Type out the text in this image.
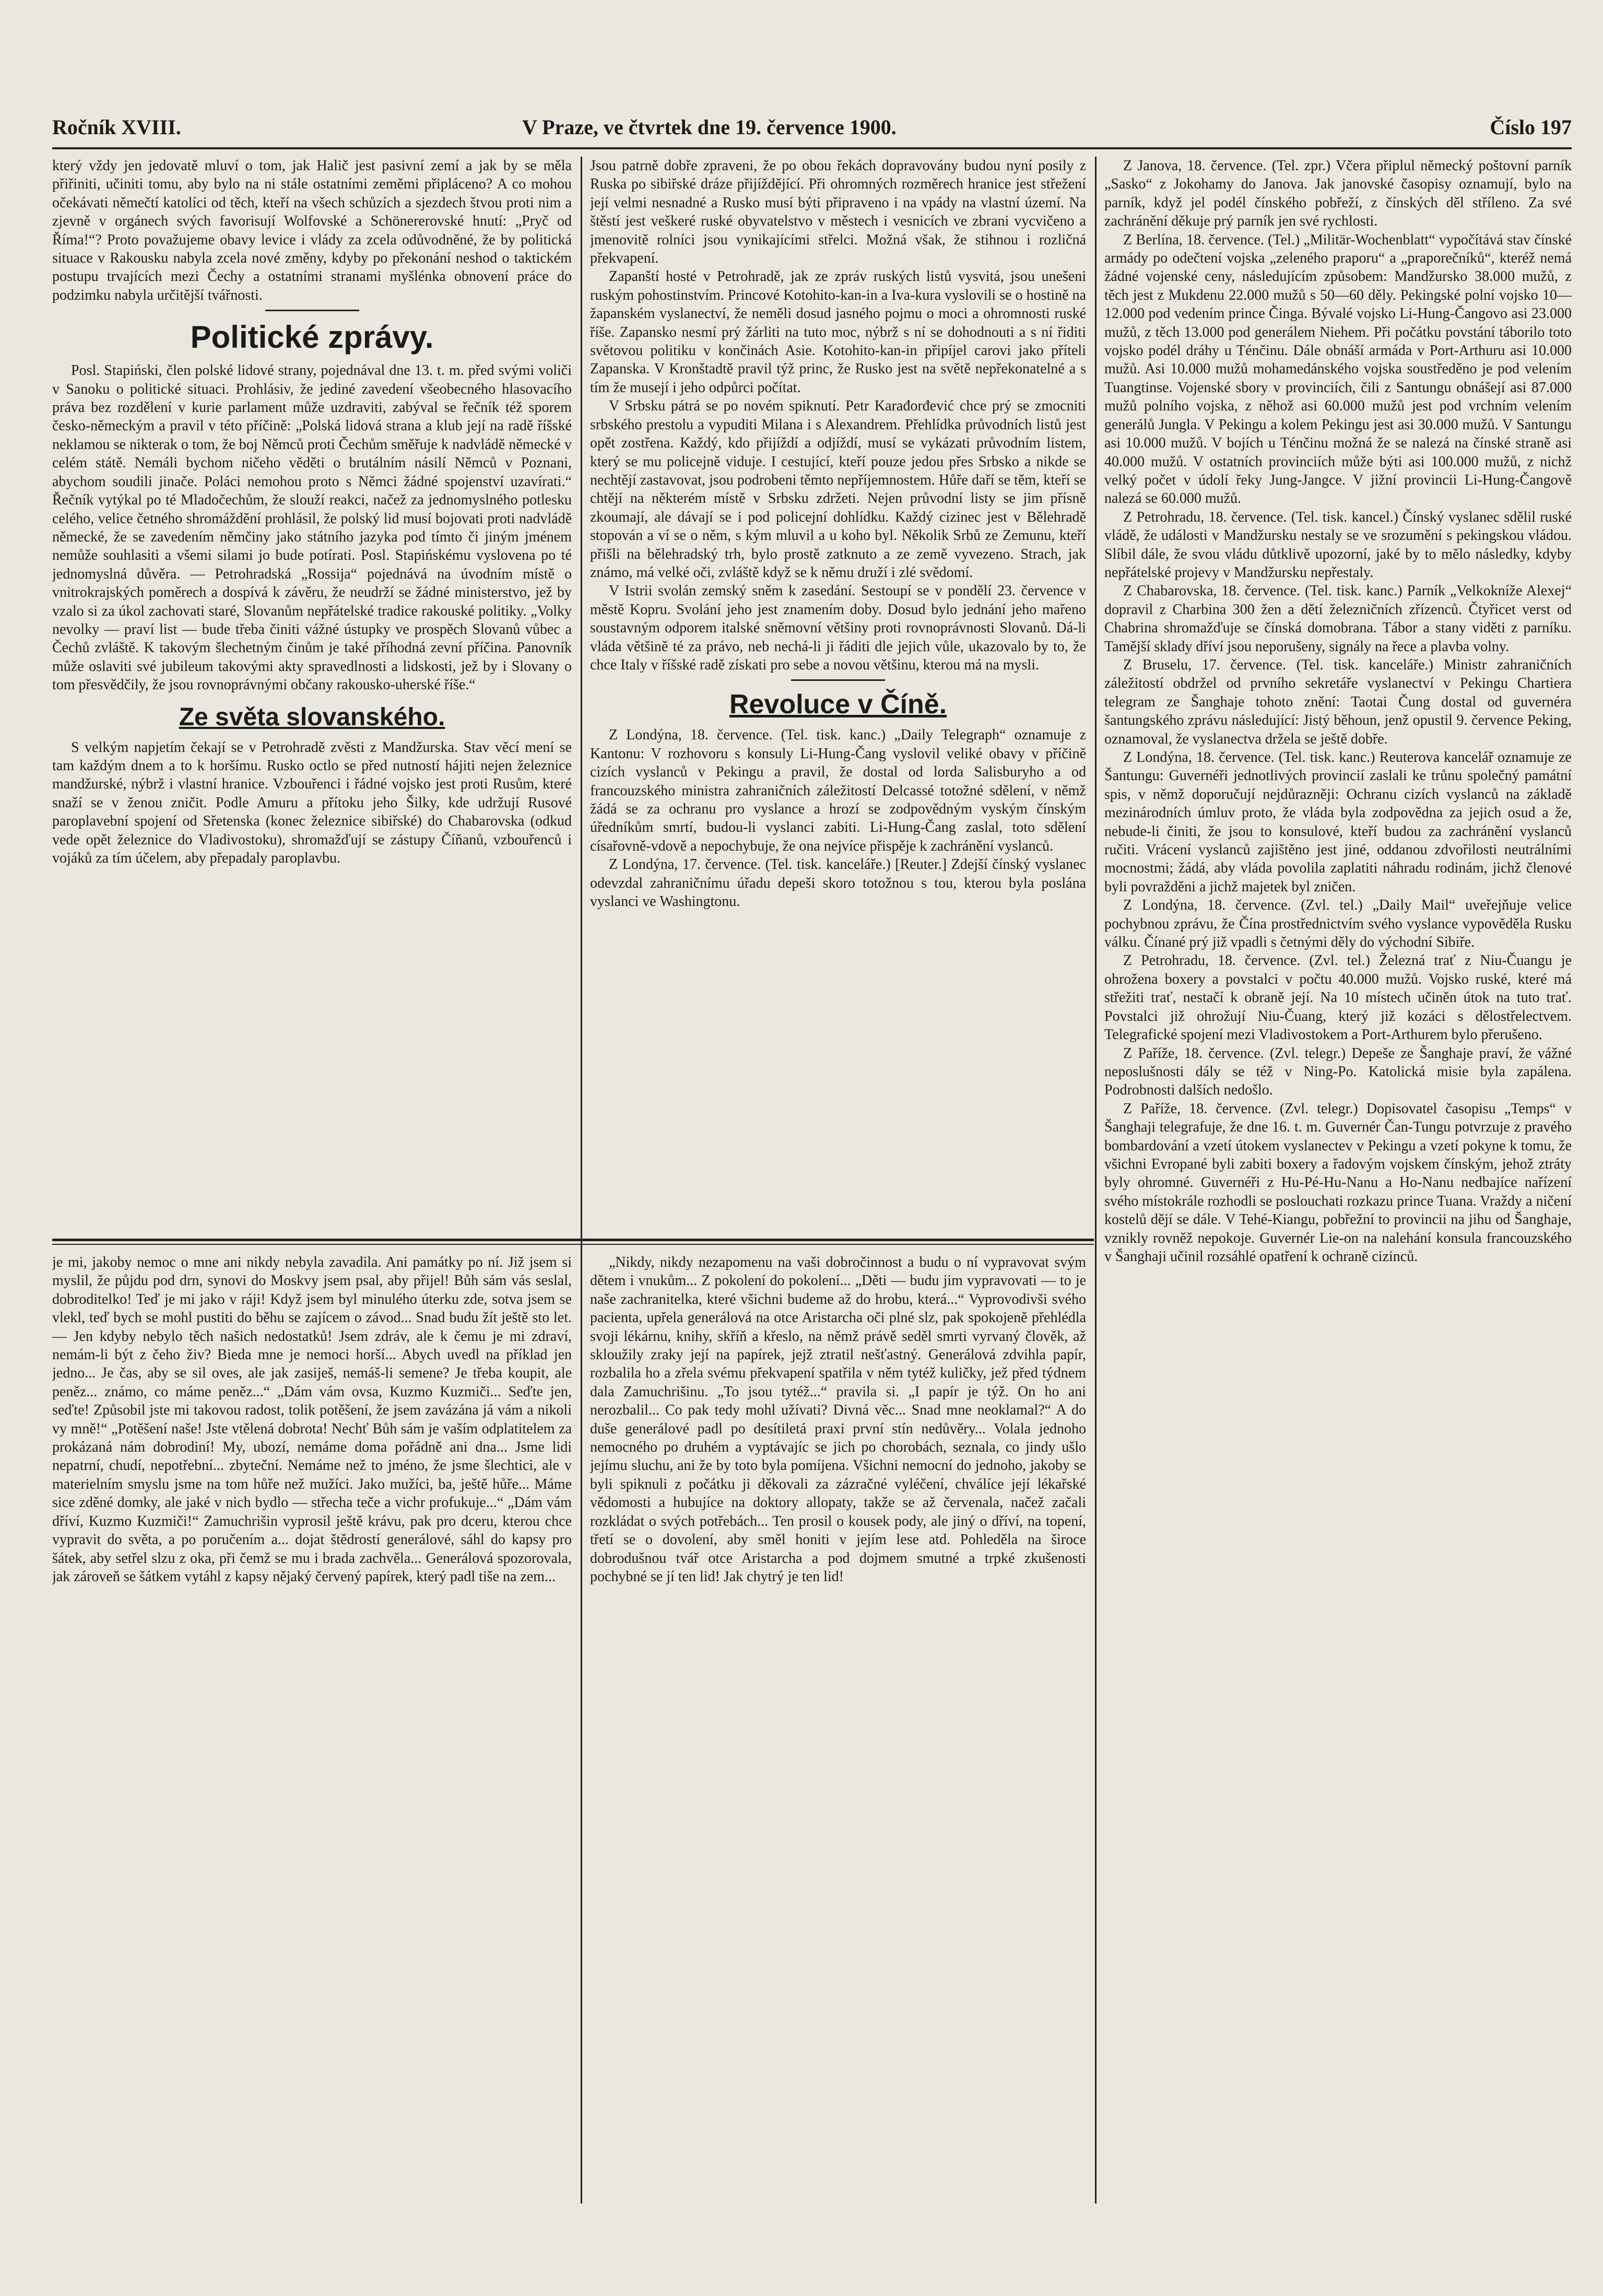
Ročník XVIII.	V Praze, ve čtvrtek dne 19. července 1900.	Číslo 197

který vždy jen jedovatě mluví o tom, jak Halič jest pasivní zemí a jak by se měla přiřiniti, učiniti tomu, aby bylo na ni stále ostatními zeměmi připláceno? A co mohou očekávati němečtí katolíci od těch, kteří na všech schůzích a sjezdech štvou proti nim a zjevně v orgánech svých favorisují Wolfovské a Schönererovské hnutí: „Pryč od Říma!“? Proto považujeme obavy levice i vlády za zcela odůvodněné, že by politická situace v Rakousku nabyla zcela nové změny, kdyby po překonání neshod o taktickém postupu trvajících mezi Čechy a ostatními stranami myšlénka obnovení práce do podzimku nabyla určitější tvářnosti.

Politické zprávy.

Posl. Stapiński, člen polské lidové strany, pojednával dne 13. t. m. před svými voliči v Sanoku o politické situaci. Prohlásiv, že jediné zavedení všeobecného hlasovacího práva bez rozdělení v kurie parlament může uzdraviti, zabýval se řečník též sporem česko-německým a pravil v této příčině: „Polská lidová strana a klub její na radě říšské neklamou se nikterak o tom, že boj Němců proti Čechům směřuje k nadvládě německé v celém státě. Nemáli bychom ničeho věděti o brutálním násilí Němců v Poznani, abychom soudili jinače. Poláci nemohou proto s Němci žádné spojenství uzavírati.“ Řečník vytýkal po té Mladočechům, že slouží reakci, načež za jednomyslného potlesku celého, velice četného shromáždění prohlásil, že polský lid musí bojovati proti nadvládě německé, že se zavedením němčiny jako státního jazyka pod tímto či jiným jménem nemůže souhlasiti a všemi silami jo bude potírati. Posl. Stapińskému vyslovena po té jednomyslná důvěra. — Petrohradská „Rossija“ pojednává na úvodním místě o vnitrokrajských poměrech a dospívá k závěru, že neudrží se žádné ministerstvo, jež by vzalo si za úkol zachovati staré, Slovanům nepřátelské tradice rakouské politiky. „Volky nevolky — praví list — bude třeba činiti vážné ústupky ve prospěch Slovanů vůbec a Čechů zvláště. K takovým šlechetným činům je také příhodná zevní příčina. Panovník může oslaviti své jubileum takovými akty spravedlnosti a lidskosti, jež by i Slovany o tom přesvědčily, že jsou rovnoprávnými občany rakousko-uherské říše.“

Ze světa slovanského.

S velkým napjetím čekají se v Petrohradě zvěsti z Mandžurska. Stav věcí mení se tam každým dnem a to k horšímu. Rusko octlo se před nutností hájiti nejen železnice mandžurské, nýbrž i vlastní hranice. Vzbouřenci i řádné vojsko jest proti Rusům, které snaží se v ženou zničit. Podle Amuru a přítoku jeho Šilky, kde udržují Rusové paroplavební spojení od Sřetenska (konec železnice sibiřské) do Chabarovska (odkud vede opět železnice do Vladivostoku), shromažďují se zástupy Číňanů, vzbouřenců i vojáků za tím účelem, aby přepadaly paroplavbu.

Jsou patrně dobře zpraveni, že po obou řekách dopravovány budou nyní posily z Ruska po sibiřské dráze přijíždějící. Při ohromných rozměrech hranice jest střežení její velmi nesnadné a Rusko musí býti připraveno i na vpády na vlastní území. Na štěstí jest veškeré ruské obyvatelstvo v městech i vesnicích ve zbrani vycvičeno a jmenovitě rolníci jsou vynikajícími střelci. Možná však, že stihnou i rozličná překvapení.

Zapanští hosté v Petrohradě, jak ze zpráv ruských listů vysvitá, jsou unešeni ruským pohostinstvím. Princové Kotohito-kan-in a Iva-kura vyslovili se o hostině na žapanském vyslanectví, že neměli dosud jasného pojmu o moci a ohromnosti ruské říše. Zapansko nesmí prý žárliti na tuto moc, nýbrž s ní se dohodnouti a s ní řiditi světovou politiku v končinách Asie. Kotohito-kan-in připíjel carovi jako příteli Zapanska. V Kronštadtě pravil týž princ, že Rusko jest na světě nepřekonatelné a s tím že musejí i jeho odpůrci počítat.

V Srbsku pátrá se po novém spiknutí. Petr Karađorđević chce prý se zmocniti srbského prestolu a vypuditi Milana i s Alexandrem. Přehlídka průvodních listů jest opět zostřena. Každý, kdo přijíždí a odjíždí, musí se vykázati průvodním listem, který se mu policejně viduje. I cestující, kteří pouze jedou přes Srbsko a nikde se nechtějí zastavovat, jsou podrobeni těmto nepříjemnostem. Hůře daří se těm, kteří se chtějí na některém místě v Srbsku zdržeti. Nejen průvodní listy se jim přísně zkoumají, ale dávají se i pod policejní dohlídku. Každý cizinec jest v Bělehradě stopován a ví se o něm, s kým mluvil a u koho byl. Několik Srbů ze Zemunu, kteří přišli na bělehradský trh, bylo prostě zatknuto a ze země vyvezeno. Strach, jak známo, má velké oči, zvláště když se k němu druží i zlé svědomí.

V Istrii svolán zemský sněm k zasedání. Sestoupí se v pondělí 23. července v městě Kopru. Svolání jeho jest znamením doby. Dosud bylo jednání jeho mařeno soustavným odporem italské sněmovní většiny proti rovnoprávnosti Slovanů. Dá-li vláda většině té za právo, neb nechá-li ji řáditi dle jejich vůle, ukazovalo by to, že chce Italy v říšské radě získati pro sebe a novou většinu, kterou má na mysli.

Revoluce v Číně.

Z Londýna, 18. července. (Tel. tisk. kanc.) „Daily Telegraph“ oznamuje z Kantonu: V rozhovoru s konsuly Li-Hung-Čang vyslovil veliké obavy v příčině cizích vyslanců v Pekingu a pravil, že dostal od lorda Salisburyho a od francouzského ministra zahraničních záležitostí Delcassé totožné sdělení, v němž žádá se za ochranu pro vyslance a hrozí se zodpovědným vyským čínským úředníkům smrtí, budou-li vyslanci zabiti. Li-Hung-Čang zaslal, toto sdělení císařovně-vdově a nepochybuje, že ona nejvíce přispěje k zachránění vyslanců.

Z Londýna, 17. července. (Tel. tisk. kanceláře.) [Reuter.] Zdejší čínský vyslanec odevzdal zahraničnímu úřadu depeši skoro totožnou s tou, kterou byla poslána vyslanci ve Washingtonu.

je mi, jakoby nemoc o mne ani nikdy nebyla zavadila. Ani památky po ní. Již jsem si myslil, že půjdu pod drn, synovi do Moskvy jsem psal, aby přijel! Bůh sám vás seslal, dobroditelko! Teď je mi jako v ráji! Když jsem byl minulého úterku zde, sotva jsem se vlekl, teď bych se mohl pustiti do běhu se zajícem o závod... Snad budu žít ještě sto let. — Jen kdyby nebylo těch našich nedostatků! Jsem zdráv, ale k čemu je mi zdraví, nemám-li být z čeho živ? Bieda mne je nemoci horší... Abych uvedl na příklad jen jedno... Je čas, aby se sil oves, ale jak zasiješ, nemáš-li semene? Je třeba koupit, ale peněz... známo, co máme peněz...“ „Dám vám ovsa, Kuzmo Kuzmiči... Seďte jen, seďte! Způsobil jste mi takovou radost, tolik potěšení, že jsem zavázána já vám a nikoli vy mně!“ „Potěšení naše! Jste vtělená dobrota! Nechť Bůh sám je vaším odplatitelem za prokázaná nám dobrodiní! My, ubozí, nemáme doma pořádně ani dna... Jsme lidi nepatrní, chudí, nepotřební... zbyteční. Nemáme než to jméno, že jsme šlechtici, ale v materielním smyslu jsme na tom hůře než mužíci. Jako mužíci, ba, ještě hůře... Máme sice zděné domky, ale jaké v nich bydlo — střecha teče a vichr profukuje...“ „Dám vám dříví, Kuzmo Kuzmiči!“ Zamuchrišin vyprosil ještě krávu, pak pro dceru, kterou chce vypravit do světa, a po poručením a... dojat štědrostí generálové, sáhl do kapsy pro šátek, aby setřel slzu z oka, při čemž se mu i brada zachvěla... Generálová spozorovala, jak zároveň se šátkem vytáhl z kapsy nějaký červený papírek, který padl tiše na zem...

„Nikdy, nikdy nezapomenu na vaši dobročinnost a budu o ní vypravovat svým dětem i vnukům... Z pokolení do pokolení... „Děti — budu jim vypravovati — to je naše zachranitelka, které všichni budeme až do hrobu, která...“ Vyprovodivši svého pacienta, upřela generálová na otce Aristarcha oči plné slz, pak spokojeně přehlédla svoji lékárnu, knihy, skříň a křeslo, na němž právě seděl smrti vyrvaný člověk, až skloužily zraky její na papírek, jejž ztratil nešťastný. Generálová zdvihla papír, rozbalila ho a zřela svému překvapení spatřila v něm tytéž kuličky, jež před týdnem dala Zamuchrišinu. „To jsou tytéž...“ pravila si. „I papír je týž. On ho ani nerozbalil... Co pak tedy mohl užívati? Divná věc... Snad mne neoklamal?“ A do duše generálové padl po desítiletá praxi první stín nedůvěry... Volala jednoho nemocného po druhém a vyptávajíc se jich po chorobách, seznala, co jindy ušlo jejímu sluchu, ani že by toto byla pomíjena. Všichni nemocní do jednoho, jakoby se byli spiknuli z počátku ji děkovali za zázračné vyléčení, chválíce její lékařské vědomosti a hubujíce na doktory allopaty, takže se až červenala, načež začali rozkládat o svých potřebách... Ten prosil o kousek pody, ale jiný o dříví, na topení, třetí se o dovolení, aby směl honiti v jejím lese atd. Pohleděla na široce dobrodušnou tvář otce Aristarcha a pod dojmem smutné a trpké zkušenosti pochybné se jí ten lid! Jak chytrý je ten lid!

Z Janova, 18. července. (Tel. zpr.) Včera připlul německý poštovní parník „Sasko“ z Jokohamy do Janova. Jak janovské časopisy oznamují, bylo na parník, když jel podél čínského pobřeží, z čínských děl stříleno. Za své zachránění děkuje prý parník jen své rychlosti.

Z Berlína, 18. července. (Tel.) „Militär-Wochenblatt“ vypočítává stav čínské armády po odečtení vojska „zeleného praporu“ a „praporečníků“, kteréž nemá žádné vojenské ceny, následujícím způsobem: Mandžursko 38.000 mužů, z těch jest z Mukdenu 22.000 mužů s 50—60 děly. Pekingské polní vojsko 10—12.000 pod vedením prince Činga. Bývalé vojsko Li-Hung-Čangovo asi 23.000 mužů, z těch 13.000 pod generálem Niehem. Při počátku povstání táborilo toto vojsko podél dráhy u Ténčinu. Dále obnáší armáda v Port-Arthuru asi 10.000 mužů. Asi 10.000 mužů mohamedánského vojska soustředěno je pod velením Tuangtinse. Vojenské sbory v provinciích, čili z Santungu obnášejí asi 87.000 mužů polního vojska, z něhož asi 60.000 mužů jest pod vrchním velením generálů Jungla. V Pekingu a kolem Pekingu jest asi 30.000 mužů. V Santungu asi 10.000 mužů. V bojích u Ténčinu možná že se nalezá na čínské straně asi 40.000 mužů. V ostatních provinciích může býti asi 100.000 mužů, z nichž velký počet v údolí řeky Jung-Jangce. V jižní provincii Li-Hung-Čangově nalezá se 60.000 mužů.

Z Petrohradu, 18. července. (Tel. tisk. kancel.) Čínský vyslanec sdělil ruské vládě, že události v Mandžursku nestaly se ve srozumění s pekingskou vládou. Slíbil dále, že svou vládu důtklivě upozorní, jaké by to mělo následky, kdyby nepřátelské projevy v Mandžursku nepřestaly.

Z Chabarovska, 18. července. (Tel. tisk. kanc.) Parník „Velkokníže Alexej“ dopravil z Charbina 300 žen a dětí železničních zřízenců. Čtyřicet verst od Chabrina shromažďuje se čínská domobrana. Tábor a stany viděti z parníku. Tamější sklady dříví jsou neporušeny, signály na řece a plavba volny.

Z Bruselu, 17. července. (Tel. tisk. kanceláře.) Ministr zahraničních záležitostí obdržel od prvního sekretáře vyslanectví v Pekingu Chartiera telegram ze Šanghaje tohoto znění: Taotai Čung dostal od guvernéra šantungského zprávu následující: Jistý běhoun, jenž opustil 9. července Peking, oznamoval, že vyslanectva držela se ještě dobře.

Z Londýna, 18. července. (Tel. tisk. kanc.) Reuterova kancelář oznamuje ze Šantungu: Guvernéři jednotlivých provincií zaslali ke trůnu společný památní spis, v němž doporučují nejdůrazněji: Ochranu cizích vyslanců na základě mezinárodních úmluv proto, že vláda byla zodpovědna za jejich osud a že, nebude-li činiti, že jsou to konsulové, kteří budou za zachránění vyslanců ručiti. Vrácení vyslanců zajištěno jest jiné, oddanou zdvořilosti neutrálními mocnostmi; žádá, aby vláda povolila zaplatiti náhradu rodinám, jichž členové byli povražděni a jichž majetek byl zničen.

Z Londýna, 18. července. (Zvl. tel.) „Daily Mail“ uveřejňuje velice pochybnou zprávu, že Čína prostřednictvím svého vyslance vypověděla Rusku válku. Čínané prý již vpadli s četnými děly do východní Sibiře.

Z Petrohradu, 18. července. (Zvl. tel.) Železná trať z Niu-Čuangu je ohrožena boxery a povstalci v počtu 40.000 mužů. Vojsko ruské, které má střežiti trať, nestačí k obraně její. Na 10 místech učiněn útok na tuto trať. Povstalci již ohrožují Niu-Čuang, který již kozáci s dělostřelectvem. Telegrafické spojení mezi Vladivostokem a Port-Arthurem bylo přerušeno.

Z Paříže, 18. července. (Zvl. telegr.) Depeše ze Šanghaje praví, že vážné neposlušnosti dály se též v Ning-Po. Katolická misie byla zapálena. Podrobnosti dalších nedošlo.

Z Paříže, 18. července. (Zvl. telegr.) Dopisovatel časopisu „Temps“ v Šanghaji telegrafuje, že dne 16. t. m. Guvernér Čan-Tungu potvrzuje z pravého bombardování a vzetí útokem vyslanectev v Pekingu a vzetí pokyne k tomu, že všichni Evropané byli zabiti boxery a řadovým vojskem čínským, jehož ztráty byly ohromné. Guvernéři z Hu-Pé-Hu-Nanu a Ho-Nanu nedbajíce nařízení svého místokrále rozhodli se poslouchati rozkazu prince Tuana. Vraždy a ničení kostelů dějí se dále. V Tehé-Kiangu, pobřežní to provincii na jihu od Šanghaje, vznikly rovněž nepokoje. Guvernér Lie-on na nalehání konsula francouzského v Šanghaji učinil rozsáhlé opatření k ochraně cizinců.
